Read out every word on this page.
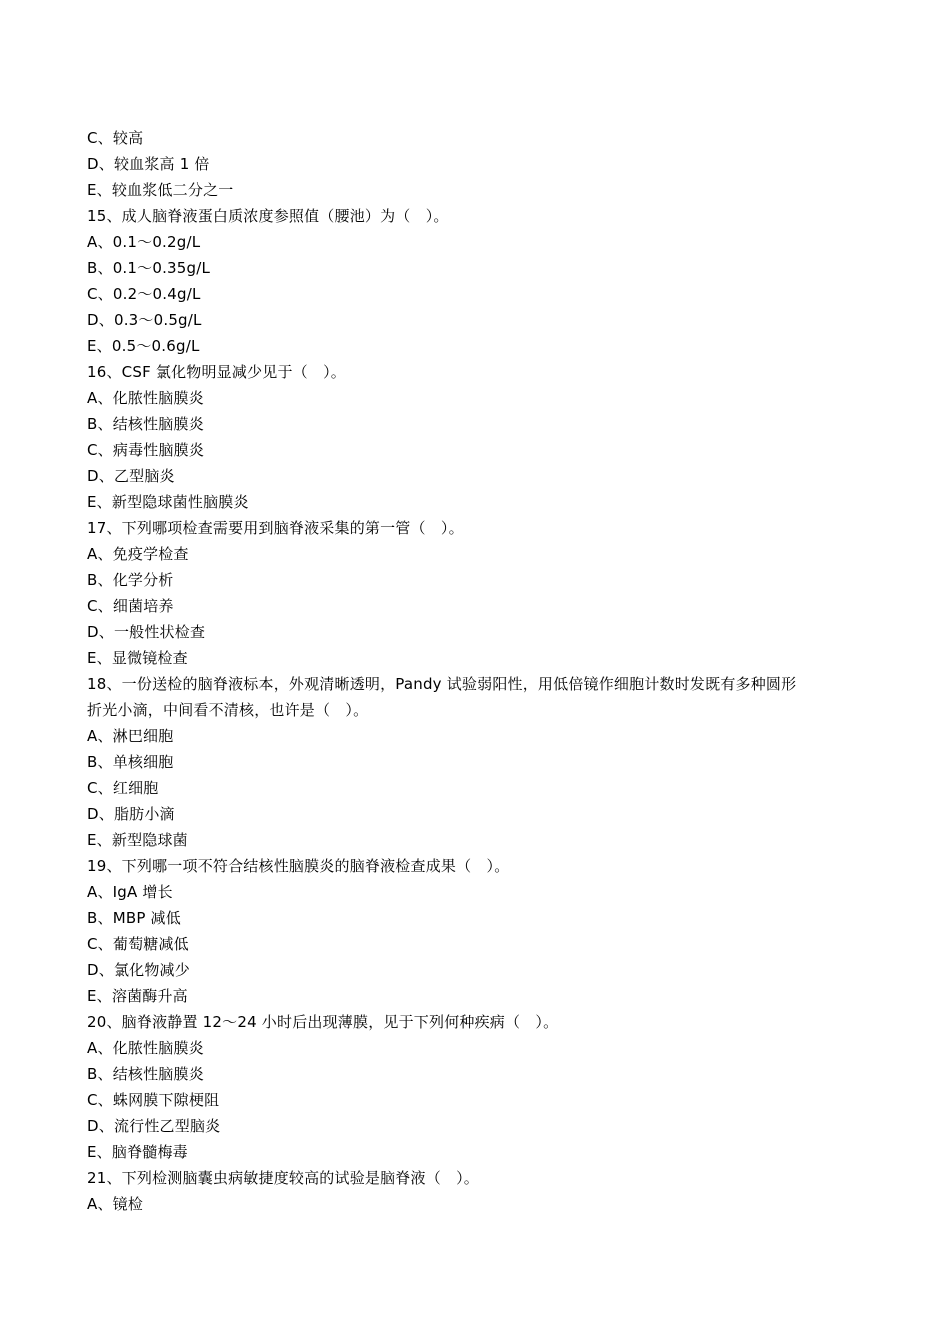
C、较高
D、较血浆高 1 倍
E、较血浆低二分之一
15、成人脑脊液蛋白质浓度参照值（腰池）为（　）。
A、0.1～0.2g/L
B、0.1～0.35g/L
C、0.2～0.4g/L
D、0.3～0.5g/L
E、0.5～0.6g/L
16、CSF 氯化物明显减少见于（　）。
A、化脓性脑膜炎
B、结核性脑膜炎
C、病毒性脑膜炎
D、乙型脑炎
E、新型隐球菌性脑膜炎
17、下列哪项检查需要用到脑脊液采集的第一管（　）。
A、免疫学检查
B、化学分析
C、细菌培养
D、一般性状检查
E、显微镜检查
18、一份送检的脑脊液标本，外观清晰透明，Pandy 试验弱阳性，用低倍镜作细胞计数时发既有多种圆形
折光小滴，中间看不清核，也许是（　）。
A、淋巴细胞
B、单核细胞
C、红细胞
D、脂肪小滴
E、新型隐球菌
19、下列哪一项不符合结核性脑膜炎的脑脊液检查成果（　）。
A、IgA 增长
B、MBP 减低
C、葡萄糖减低
D、氯化物减少
E、溶菌酶升高
20、脑脊液静置 12～24 小时后出现薄膜，见于下列何种疾病（　）。
A、化脓性脑膜炎
B、结核性脑膜炎
C、蛛网膜下隙梗阻
D、流行性乙型脑炎
E、脑脊髓梅毒
21、下列检测脑囊虫病敏捷度较高的试验是脑脊液（　）。
A、镜检
